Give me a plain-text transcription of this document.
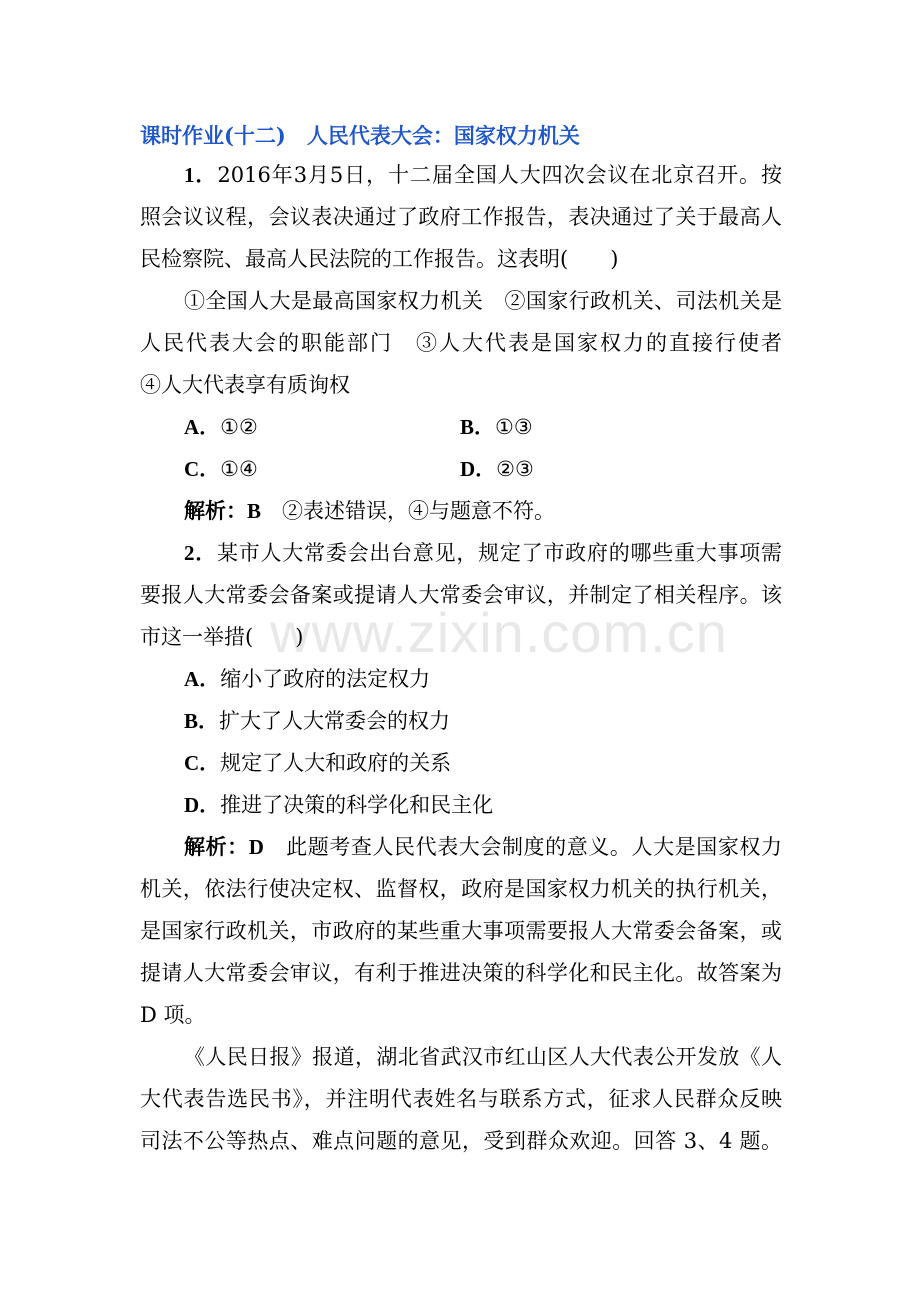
课时作业(十二)　人民代表大会：国家权力机关
1．2016年3月5日，十二届全国人大四次会议在北京召开。按
照会议议程，会议表决通过了政府工作报告，表决通过了关于最高人
民检察院、最高人民法院的工作报告。这表明(　　)
①全国人大是最高国家权力机关　②国家行政机关、司法机关是
人民代表大会的职能部门　③人大代表是国家权力的直接行使者
④人大代表享有质询权
A．①②	B．①③
C．①④	D．②③
解析：B　②表述错误，④与题意不符。
2．某市人大常委会出台意见，规定了市政府的哪些重大事项需
要报人大常委会备案或提请人大常委会审议，并制定了相关程序。该
市这一举措(　　)
A．缩小了政府的法定权力
B．扩大了人大常委会的权力
C．规定了人大和政府的关系
D．推进了决策的科学化和民主化
解析：D　此题考查人民代表大会制度的意义。人大是国家权力
机关，依法行使决定权、监督权，政府是国家权力机关的执行机关，
是国家行政机关，市政府的某些重大事项需要报人大常委会备案，或
提请人大常委会审议，有利于推进决策的科学化和民主化。故答案为
D 项。
《人民日报》报道，湖北省武汉市红山区人大代表公开发放《人
大代表告选民书》，并注明代表姓名与联系方式，征求人民群众反映
司法不公等热点、难点问题的意见，受到群众欢迎。回答 3、4 题。
www.zixin.com.cn
